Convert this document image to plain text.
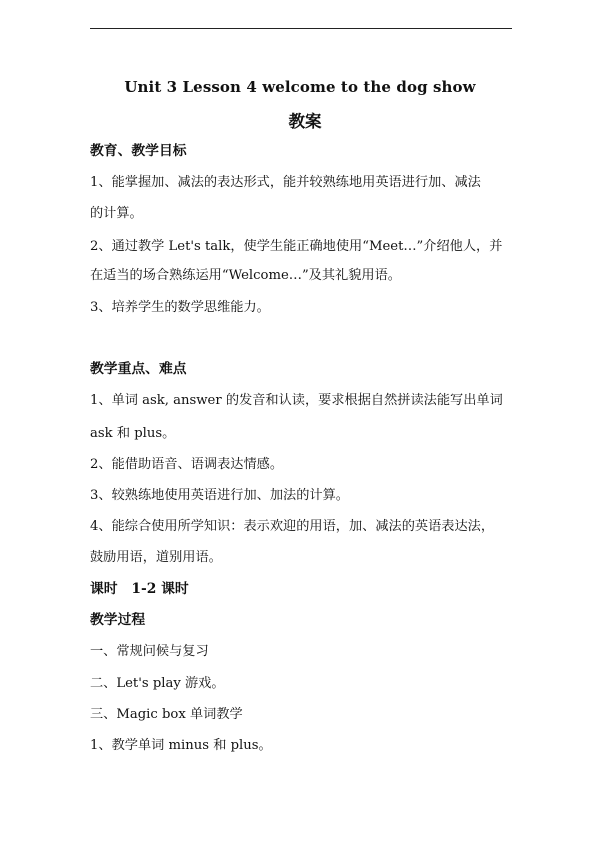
Unit 3 Lesson 4 welcome to the dog show
教案
教育、教学目标
1、能掌握加、减法的表达形式，能并较熟练地用英语进行加、减法
的计算。
2、通过教学 Let's talk，使学生能正确地使用“Meet…”介绍他人，并
在适当的场合熟练运用“Welcome…”及其礼貌用语。
3、培养学生的数学思维能力。
教学重点、难点
1、单词 ask, answer 的发音和认读，要求根据自然拼读法能写出单词
ask 和 plus。
2、能借助语音、语调表达情感。
3、较熟练地使用英语进行加、加法的计算。
4、能综合使用所学知识：表示欢迎的用语，加、减法的英语表达法，
鼓励用语，道别用语。
课时　1-2 课时
教学过程
一、常规问候与复习
二、Let's play 游戏。
三、Magic box 单词教学
1、教学单词 minus 和 plus。
